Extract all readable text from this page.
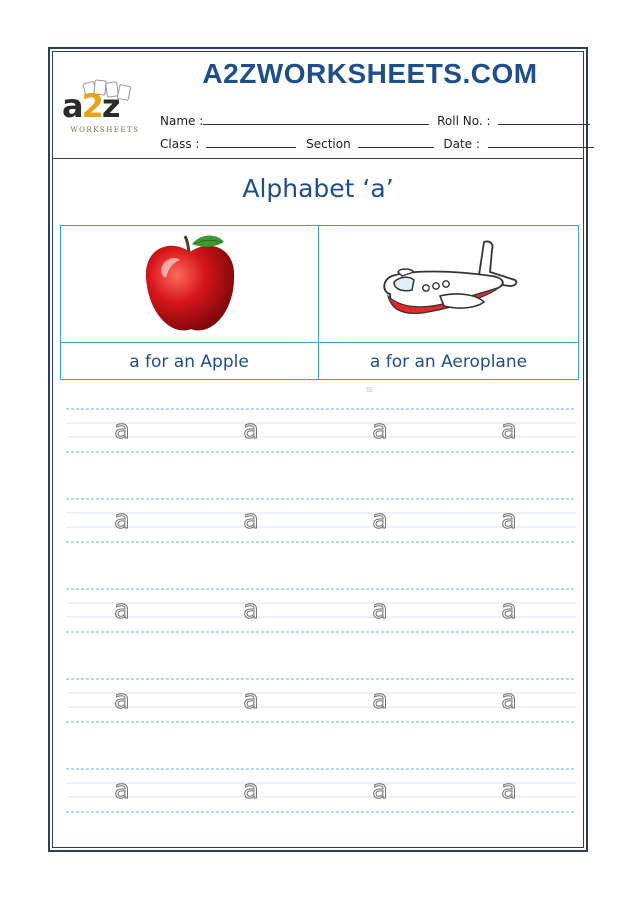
a2z
WORKSHEETS
A2ZWORKSHEETS.COM
Name :	Roll No. :
Class :	Section	Date :
Alphabet ‘a’
a for an Apple	a for an Aeroplane
≋
a	a	a	a
a	a	a	a
a	a	a	a
a	a	a	a
a	a	a	a
